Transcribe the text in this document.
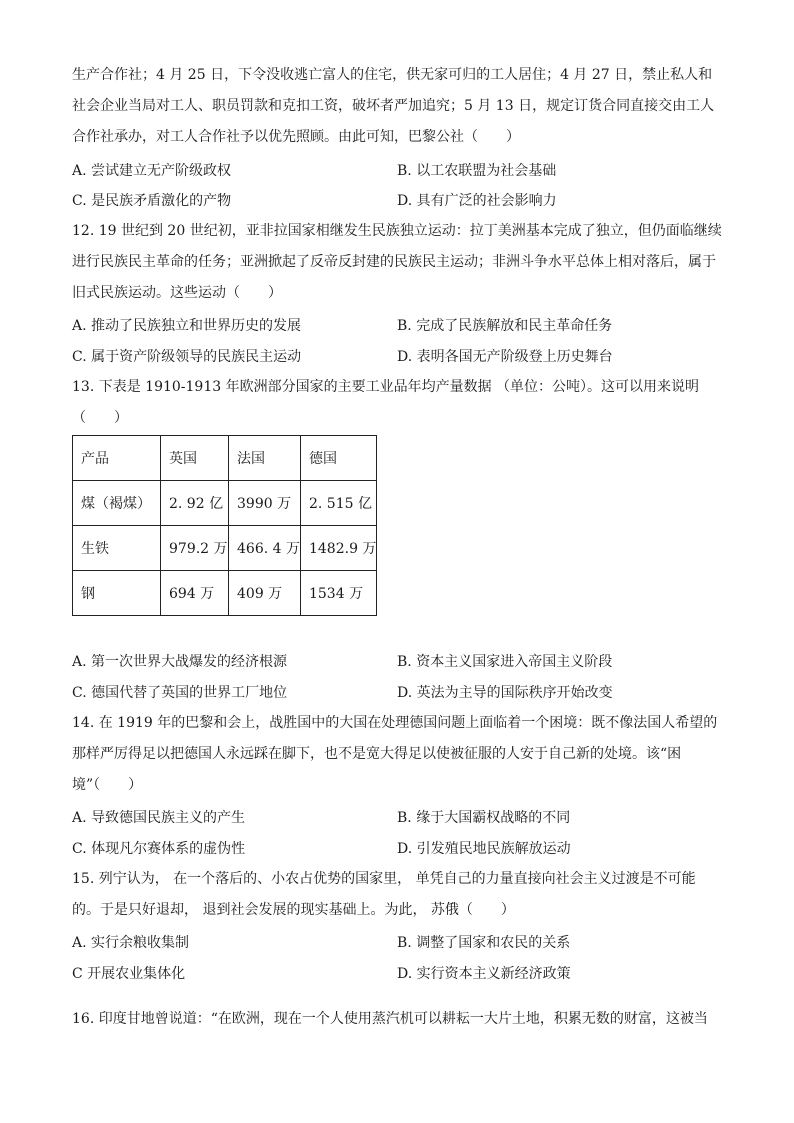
生产合作社；4 月 25 日，下令没收逃亡富人的住宅，供无家可归的工人居住；4 月 27 日，禁止私人和社会企业当局对工人、职员罚款和克扣工资，破坏者严加追究；5 月 13 日，规定订货合同直接交由工人合作社承办，对工人合作社予以优先照顾。由此可知，巴黎公社（　　）

A. 尝试建立无产阶级政权	B. 以工农联盟为社会基础
C. 是民族矛盾激化的产物	D. 具有广泛的社会影响力

12. 19 世纪到 20 世纪初，亚非拉国家相继发生民族独立运动：拉丁美洲基本完成了独立，但仍面临继续进行民族民主革命的任务；亚洲掀起了反帝反封建的民族民主运动；非洲斗争水平总体上相对落后，属于旧式民族运动。这些运动（　　）

A. 推动了民族独立和世界历史的发展	B. 完成了民族解放和民主革命任务
C. 属于资产阶级领导的民族民主运动	D. 表明各国无产阶级登上历史舞台

13. 下表是 1910-1913 年欧洲部分国家的主要工业品年均产量数据 （单位：公吨）。这可以用来说明（　　）

产品	英国	法国	德国
煤（褐煤）	2. 92 亿	3990 万	2. 515 亿
生铁	979.2 万	466. 4 万	1482.9 万
钢	694 万	409 万	1534 万
A. 第一次世界大战爆发的经济根源	B. 资本主义国家进入帝国主义阶段
C. 德国代替了英国的世界工厂地位	D. 英法为主导的国际秩序开始改变

14. 在 1919 年的巴黎和会上，战胜国中的大国在处理德国问题上面临着一个困境：既不像法国人希望的那样严厉得足以把德国人永远踩在脚下，也不是宽大得足以使被征服的人安于自己新的处境。该“困境”（　　）

A. 导致德国民族主义的产生	B. 缘于大国霸权战略的不同
C. 体现凡尔赛体系的虚伪性	D. 引发殖民地民族解放运动

15. 列宁认为， 在一个落后的、小农占优势的国家里， 单凭自己的力量直接向社会主义过渡是不可能的。于是只好退却， 退到社会发展的现实基础上。为此， 苏俄（　　）

A. 实行余粮收集制	B. 调整了国家和农民的关系
C 开展农业集体化	D. 实行资本主义新经济政策

16. 印度甘地曾说道：“在欧洲，现在一个人使用蒸汽机可以耕耘一大片土地，积累无数的财富，这被当
